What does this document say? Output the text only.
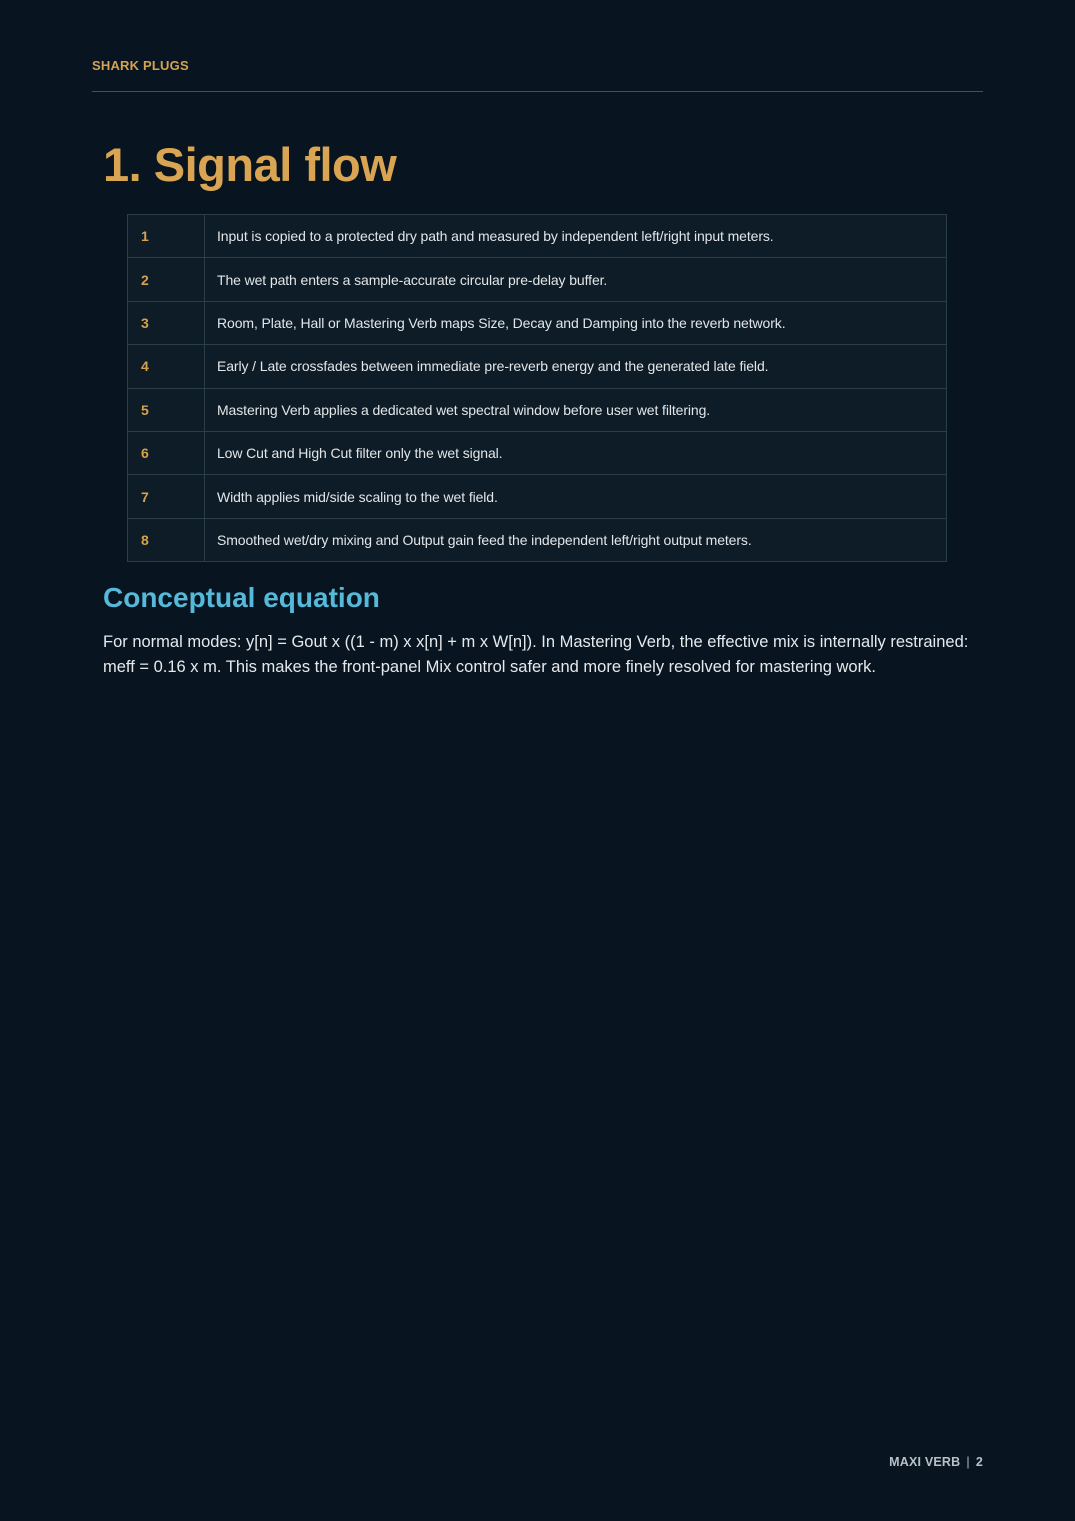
SHARK PLUGS
1. Signal flow
1	Input is copied to a protected dry path and measured by independent left/right input meters.
2	The wet path enters a sample-accurate circular pre-delay buffer.
3	Room, Plate, Hall or Mastering Verb maps Size, Decay and Damping into the reverb network.
4	Early / Late crossfades between immediate pre-reverb energy and the generated late field.
5	Mastering Verb applies a dedicated wet spectral window before user wet filtering.
6	Low Cut and High Cut filter only the wet signal.
7	Width applies mid/side scaling to the wet field.
8	Smoothed wet/dry mixing and Output gain feed the independent left/right output meters.
Conceptual equation

For normal modes: y[n] = Gout x ((1 - m) x x[n] + m x W[n]). In Mastering Verb, the effective mix is internally restrained: meff = 0.16 x m. This makes the front-panel Mix control safer and more finely resolved for mastering work.

MAXI VERB | 2
